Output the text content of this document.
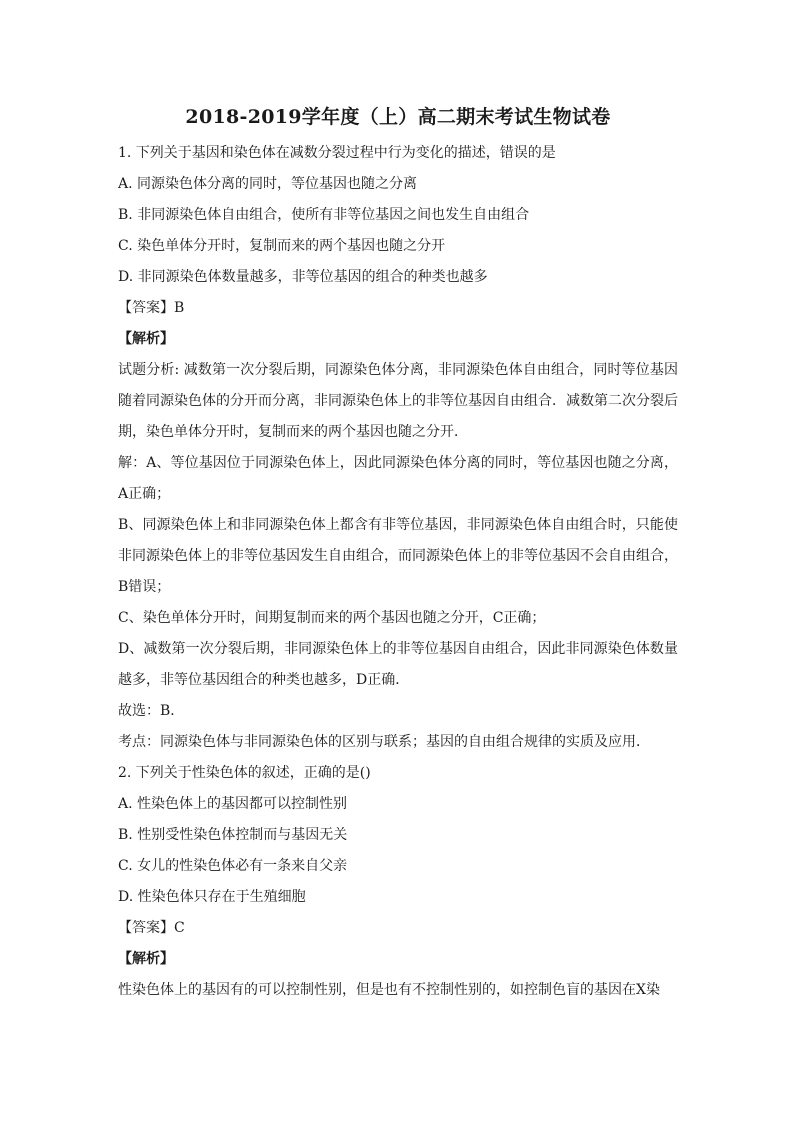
2018-2019学年度（上）高二期末考试生物试卷
1. 下列关于基因和染色体在减数分裂过程中行为变化的描述，错误的是
A. 同源染色体分离的同时，等位基因也随之分离
B. 非同源染色体自由组合，使所有非等位基因之间也发生自由组合
C. 染色单体分开时，复制而来的两个基因也随之分开
D. 非同源染色体数量越多，非等位基因的组合的种类也越多
【答案】B
【解析】
试题分析: 减数第一次分裂后期，同源染色体分离，非同源染色体自由组合，同时等位基因随着同源染色体的分开而分离，非同源染色体上的非等位基因自由组合．减数第二次分裂后期，染色单体分开时，复制而来的两个基因也随之分开．
解：A、等位基因位于同源染色体上，因此同源染色体分离的同时，等位基因也随之分离，A正确；
B、同源染色体上和非同源染色体上都含有非等位基因，非同源染色体自由组合时，只能使非同源染色体上的非等位基因发生自由组合，而同源染色体上的非等位基因不会自由组合，B错误；
C、染色单体分开时，间期复制而来的两个基因也随之分开，C正确；
D、减数第一次分裂后期，非同源染色体上的非等位基因自由组合，因此非同源染色体数量越多，非等位基因组合的种类也越多，D正确．
故选：B．
考点：同源染色体与非同源染色体的区别与联系；基因的自由组合规律的实质及应用．
2. 下列关于性染色体的叙述，正确的是()
A. 性染色体上的基因都可以控制性别
B. 性别受性染色体控制而与基因无关
C. 女儿的性染色体必有一条来自父亲
D. 性染色体只存在于生殖细胞
【答案】C
【解析】
性染色体上的基因有的可以控制性别，但是也有不控制性别的，如控制色盲的基因在X染
